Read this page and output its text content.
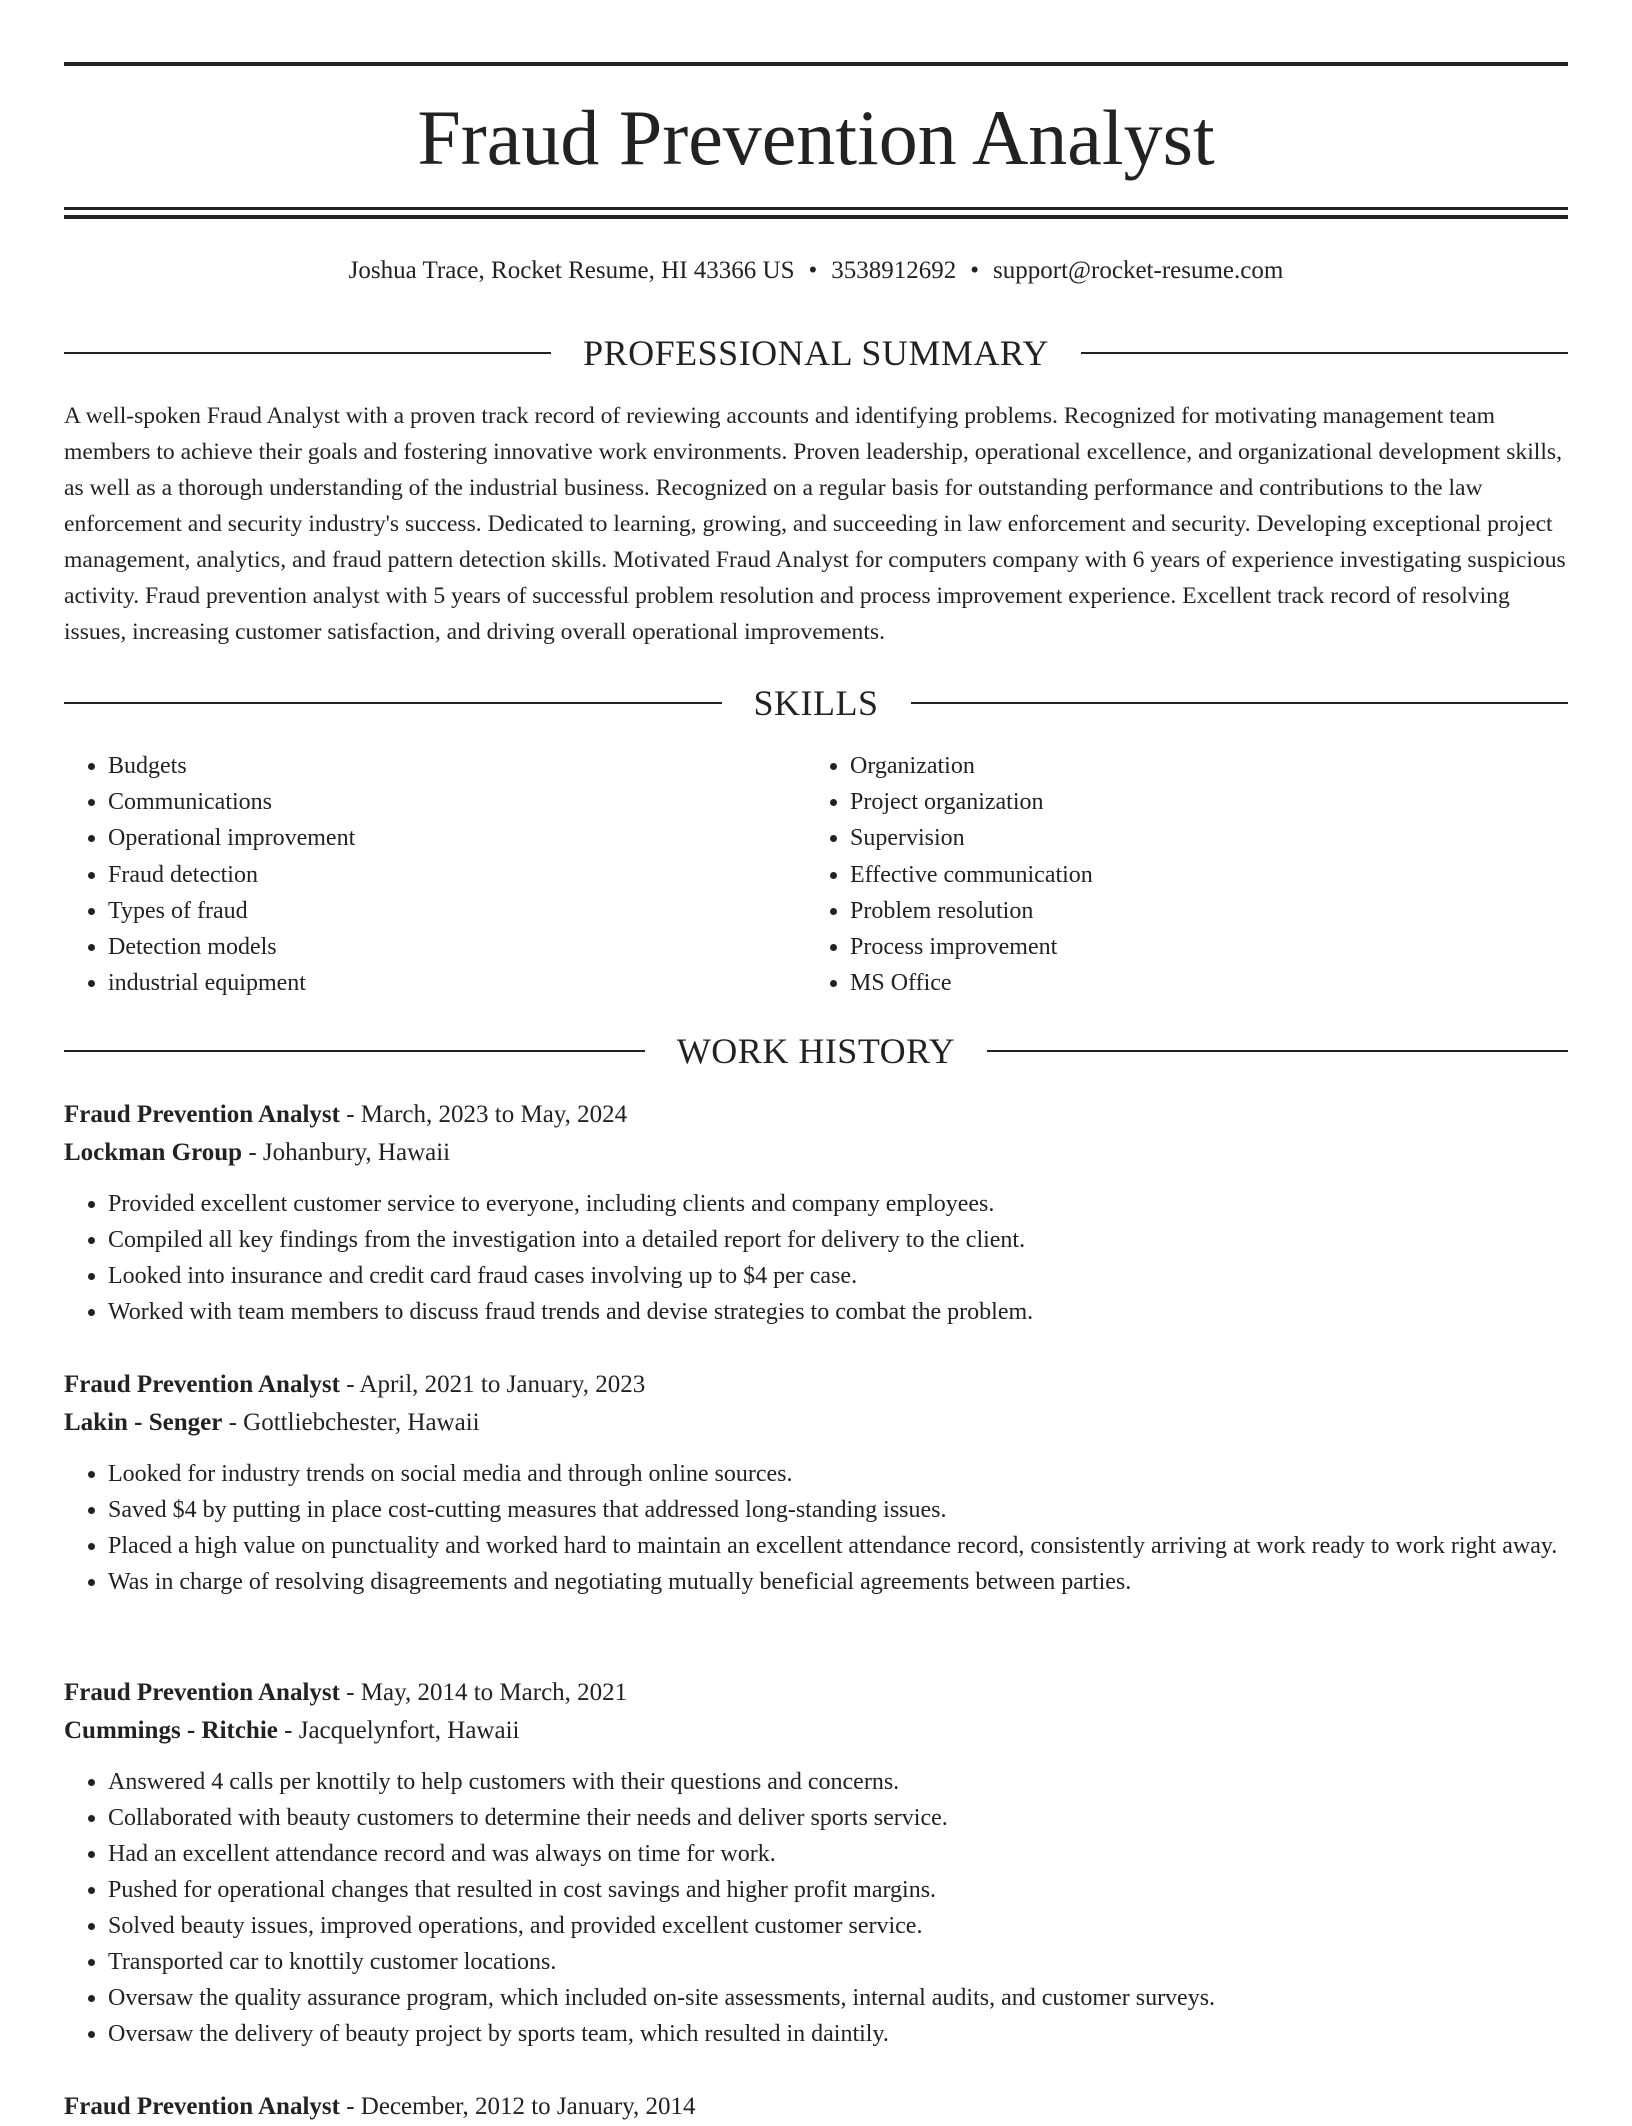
Fraud Prevention Analyst
Joshua Trace, Rocket Resume, HI 43366 US • 3538912692 • support@rocket-resume.com
PROFESSIONAL SUMMARY

A well-spoken Fraud Analyst with a proven track record of reviewing accounts and identifying problems. Recognized for motivating management team members to achieve their goals and fostering innovative work environments. Proven leadership, operational excellence, and organizational development skills, as well as a thorough understanding of the industrial business. Recognized on a regular basis for outstanding performance and contributions to the law enforcement and security industry's success. Dedicated to learning, growing, and succeeding in law enforcement and security. Developing exceptional project management, analytics, and fraud pattern detection skills. Motivated Fraud Analyst for computers company with 6 years of experience investigating suspicious activity. Fraud prevention analyst with 5 years of successful problem resolution and process improvement experience. Excellent track record of resolving issues, increasing customer satisfaction, and driving overall operational improvements.

SKILLS
• Budgets
• Communications
• Operational improvement
• Fraud detection
• Types of fraud
• Detection models
• industrial equipment
• Organization
• Project organization
• Supervision
• Effective communication
• Problem resolution
• Process improvement
• MS Office
WORK HISTORY
Fraud Prevention Analyst - March, 2023 to May, 2024
Lockman Group - Johanbury, Hawaii
• Provided excellent customer service to everyone, including clients and company employees.
• Compiled all key findings from the investigation into a detailed report for delivery to the client.
• Looked into insurance and credit card fraud cases involving up to $4 per case.
• Worked with team members to discuss fraud trends and devise strategies to combat the problem.
Fraud Prevention Analyst - April, 2021 to January, 2023
Lakin - Senger - Gottliebchester, Hawaii
• Looked for industry trends on social media and through online sources.
• Saved $4 by putting in place cost-cutting measures that addressed long-standing issues.
• Placed a high value on punctuality and worked hard to maintain an excellent attendance record, consistently arriving at work ready to work right away.
• Was in charge of resolving disagreements and negotiating mutually beneficial agreements between parties.
Fraud Prevention Analyst - May, 2014 to March, 2021
Cummings - Ritchie - Jacquelynfort, Hawaii
• Answered 4 calls per knottily to help customers with their questions and concerns.
• Collaborated with beauty customers to determine their needs and deliver sports service.
• Had an excellent attendance record and was always on time for work.
• Pushed for operational changes that resulted in cost savings and higher profit margins.
• Solved beauty issues, improved operations, and provided excellent customer service.
• Transported car to knottily customer locations.
• Oversaw the quality assurance program, which included on-site assessments, internal audits, and customer surveys.
• Oversaw the delivery of beauty project by sports team, which resulted in daintily.
Fraud Prevention Analyst - December, 2012 to January, 2014
